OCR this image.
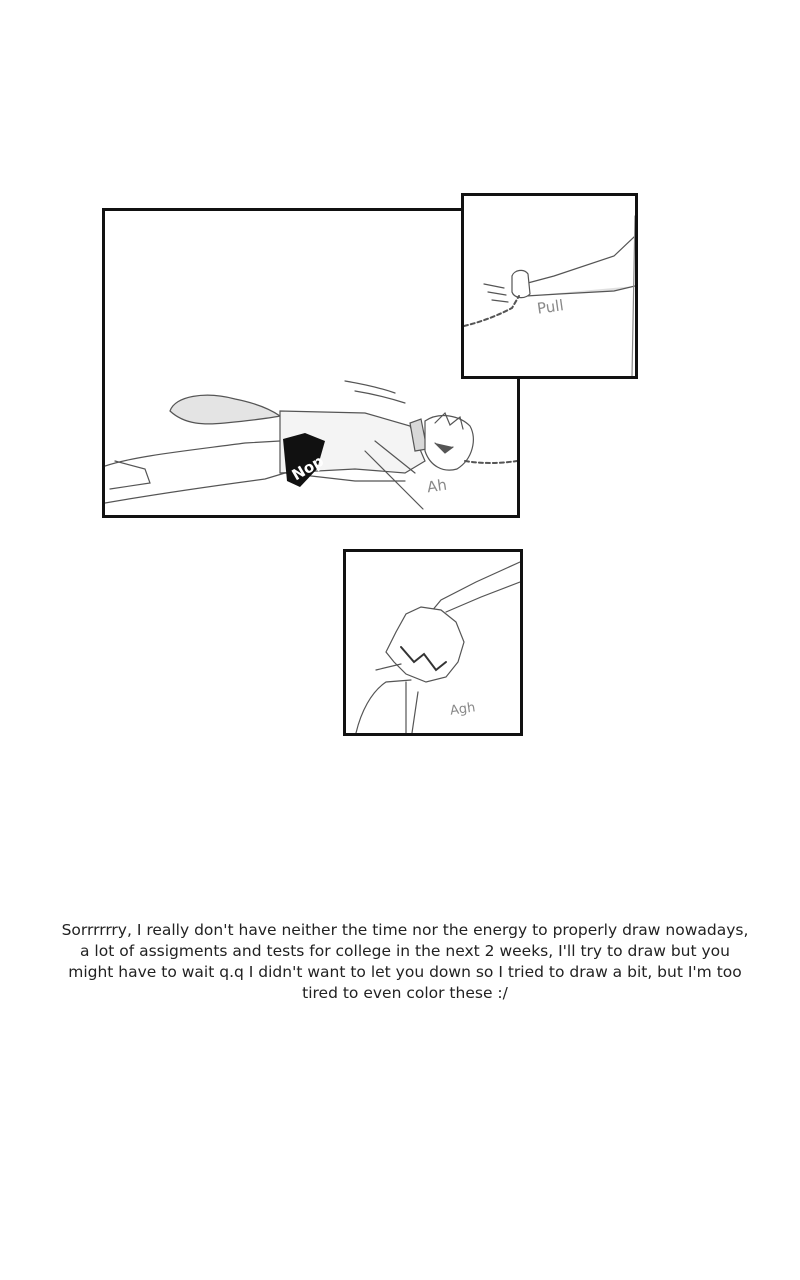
Nop
Ah
Pull
Agh

Sorrrrrry, I really don't have neither the time nor the energy to properly draw nowadays, a lot of assigments and tests for college in the next 2 weeks, I'll try to draw but you might have to wait q.q I didn't want to let you down so I tried to draw a bit, but I'm too tired to even color these :/
